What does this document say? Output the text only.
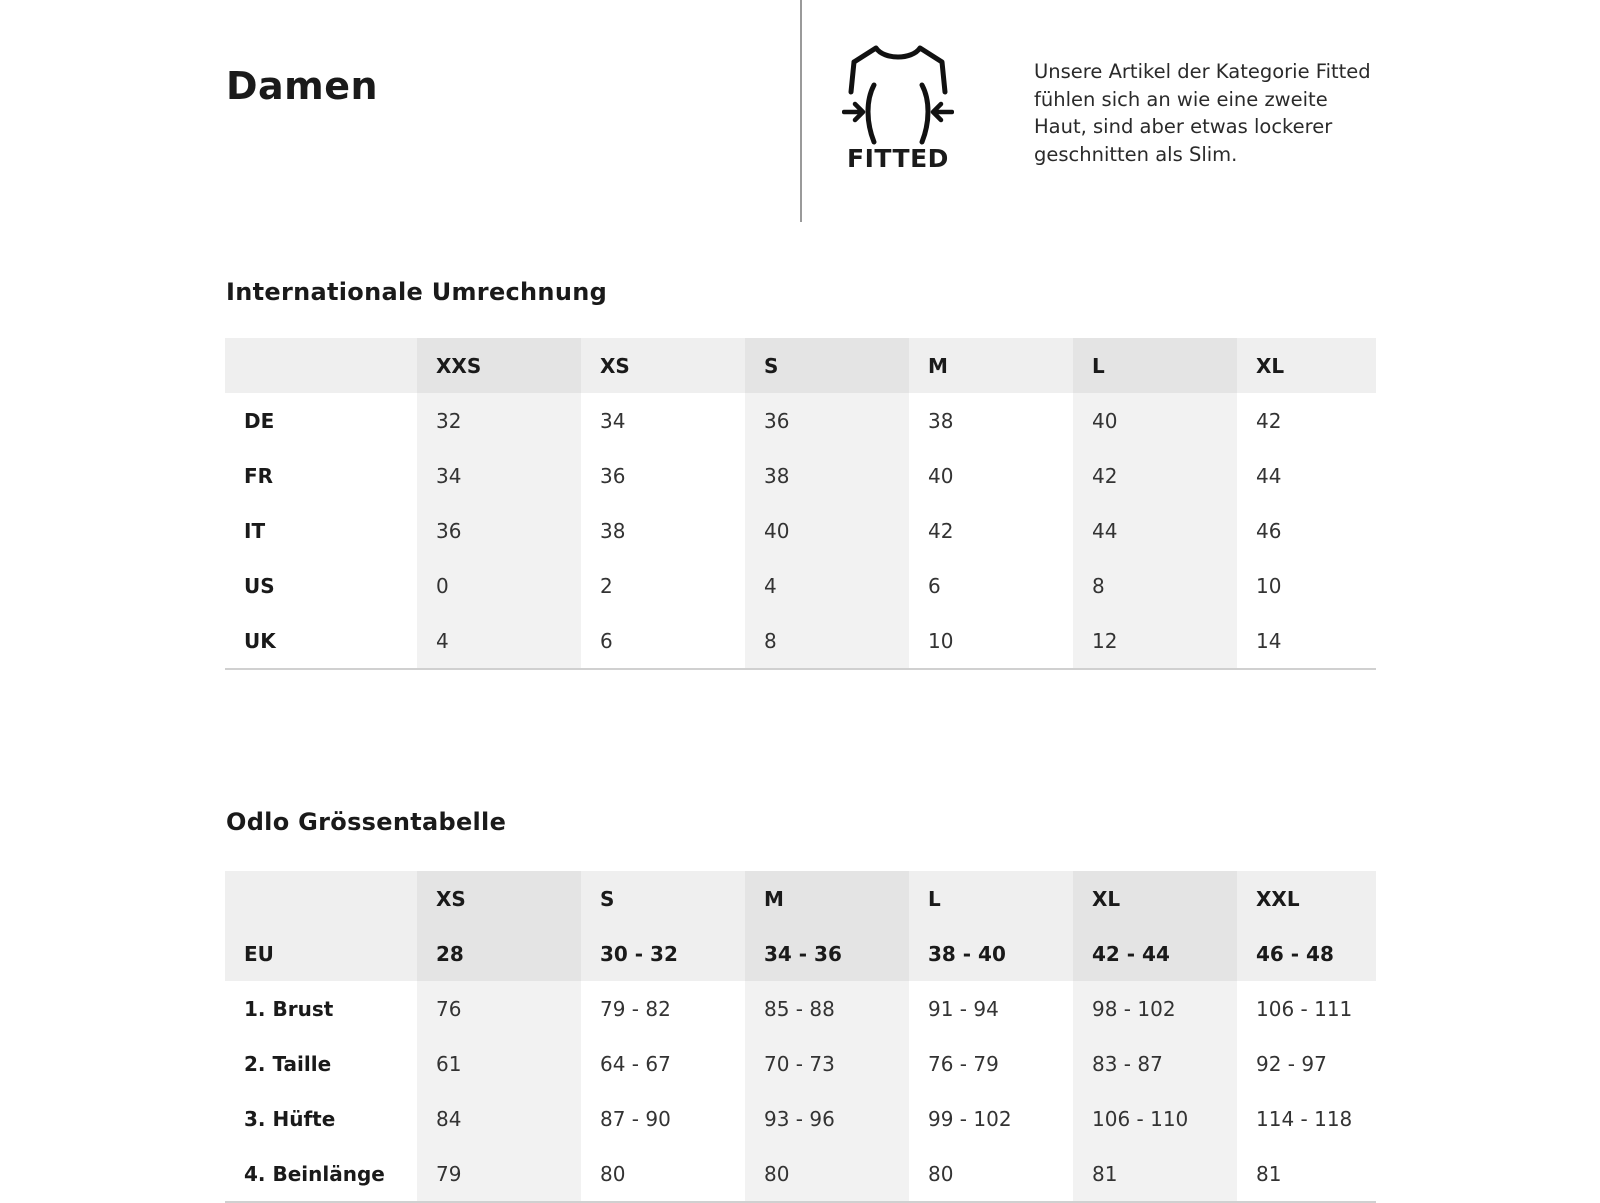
Damen
FITTED
Unsere Artikel der Kategorie Fitted fühlen sich an wie eine zweite Haut, sind aber etwas lockerer geschnitten als Slim.
Internationale Umrechnung
	XXS	XS	S	M	L	XL
DE	32	34	36	38	40	42
FR	34	36	38	40	42	44
IT	36	38	40	42	44	46
US	0	2	4	6	8	10
UK	4	6	8	10	12	14
Odlo Grössentabelle
	XS	S	M	L	XL	XXL
EU	28	30 - 32	34 - 36	38 - 40	42 - 44	46 - 48
1. Brust	76	79 - 82	85 - 88	91 - 94	98 - 102	106 - 111
2. Taille	61	64 - 67	70 - 73	76 - 79	83 - 87	92 - 97
3. Hüfte	84	87 - 90	93 - 96	99 - 102	106 - 110	114 - 118
4. Beinlänge	79	80	80	80	81	81
